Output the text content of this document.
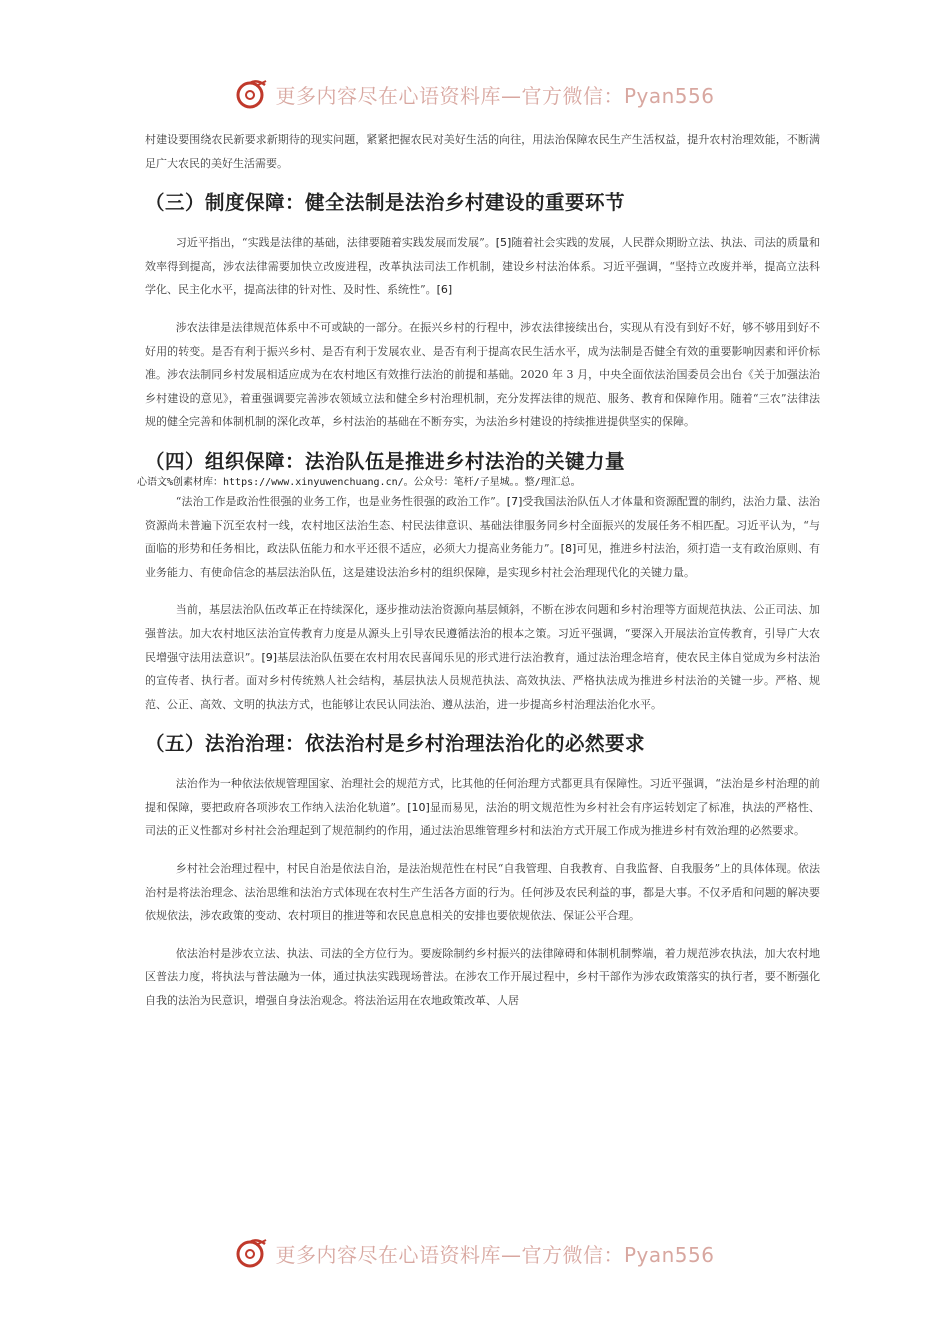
更多内容尽在心语资料库—官方微信：Pyan556

村建设要围绕农民新要求新期待的现实问题，紧紧把握农民对美好生活的向往，用法治保障农民生产生活权益，提升农村治理效能，不断满足广大农民的美好生活需要。

（三）制度保障：健全法制是法治乡村建设的重要环节

习近平指出，“实践是法律的基础，法律要随着实践发展而发展”。[5]随着社会实践的发展，人民群众期盼立法、执法、司法的质量和效率得到提高，涉农法律需要加快立改废进程，改革执法司法工作机制，建设乡村法治体系。习近平强调，“坚持立改废并举，提高立法科学化、民主化水平，提高法律的针对性、及时性、系统性”。[6]

涉农法律是法律规范体系中不可或缺的一部分。在振兴乡村的行程中，涉农法律接续出台，实现从有没有到好不好，够不够用到好不好用的转变。是否有利于振兴乡村、是否有利于发展农业、是否有利于提高农民生活水平，成为法制是否健全有效的重要影响因素和评价标准。涉农法制同乡村发展相适应成为在农村地区有效推行法治的前提和基础。2020 年 3 月，中央全面依法治国委员会出台《关于加强法治乡村建设的意见》，着重强调要完善涉农领域立法和健全乡村治理机制，充分发挥法律的规范、服务、教育和保障作用。随着“三农”法律法规的健全完善和体制机制的深化改革，乡村法治的基础在不断夯实，为法治乡村建设的持续推进提供坚实的保障。

（四）组织保障：法治队伍是推进乡村法治的关键力量
心语文%创素材库：https://www.xinyuwenchuang.cn/。公众号：笔杆/子星城。。整/理汇总。

“法治工作是政治性很强的业务工作，也是业务性很强的政治工作”。[7]受我国法治队伍人才体量和资源配置的制约，法治力量、法治资源尚未普遍下沉至农村一线，农村地区法治生态、村民法律意识、基础法律服务同乡村全面振兴的发展任务不相匹配。习近平认为，“与面临的形势和任务相比，政法队伍能力和水平还很不适应，必须大力提高业务能力”。[8]可见，推进乡村法治，须打造一支有政治原则、有业务能力、有使命信念的基层法治队伍，这是建设法治乡村的组织保障，是实现乡村社会治理现代化的关键力量。

当前，基层法治队伍改革正在持续深化，逐步推动法治资源向基层倾斜，不断在涉农问题和乡村治理等方面规范执法、公正司法、加强普法。加大农村地区法治宣传教育力度是从源头上引导农民遵循法治的根本之策。习近平强调，“要深入开展法治宣传教育，引导广大农民增强守法用法意识”。[9]基层法治队伍要在农村用农民喜闻乐见的形式进行法治教育，通过法治理念培育，使农民主体自觉成为乡村法治的宣传者、执行者。面对乡村传统熟人社会结构，基层执法人员规范执法、高效执法、严格执法成为推进乡村法治的关键一步。严格、规范、公正、高效、文明的执法方式，也能够让农民认同法治、遵从法治，进一步提高乡村治理法治化水平。

（五）法治治理：依法治村是乡村治理法治化的必然要求

法治作为一种依法依规管理国家、治理社会的规范方式，比其他的任何治理方式都更具有保障性。习近平强调，“法治是乡村治理的前提和保障，要把政府各项涉农工作纳入法治化轨道”。[10]显而易见，法治的明文规范性为乡村社会有序运转划定了标准，执法的严格性、司法的正义性都对乡村社会治理起到了规范制约的作用，通过法治思维管理乡村和法治方式开展工作成为推进乡村有效治理的必然要求。

乡村社会治理过程中，村民自治是依法自治，是法治规范性在村民“自我管理、自我教育、自我监督、自我服务”上的具体体现。依法治村是将法治理念、法治思维和法治方式体现在农村生产生活各方面的行为。任何涉及农民利益的事，都是大事。不仅矛盾和问题的解决要依规依法，涉农政策的变动、农村项目的推进等和农民息息相关的安排也要依规依法、保证公平合理。

依法治村是涉农立法、执法、司法的全方位行为。要废除制约乡村振兴的法律障碍和体制机制弊端，着力规范涉农执法，加大农村地区普法力度，将执法与普法融为一体，通过执法实践现场普法。在涉农工作开展过程中，乡村干部作为涉农政策落实的执行者，要不断强化自我的法治为民意识，增强自身法治观念。将法治运用在农地政策改革、人居

更多内容尽在心语资料库—官方微信：Pyan556
